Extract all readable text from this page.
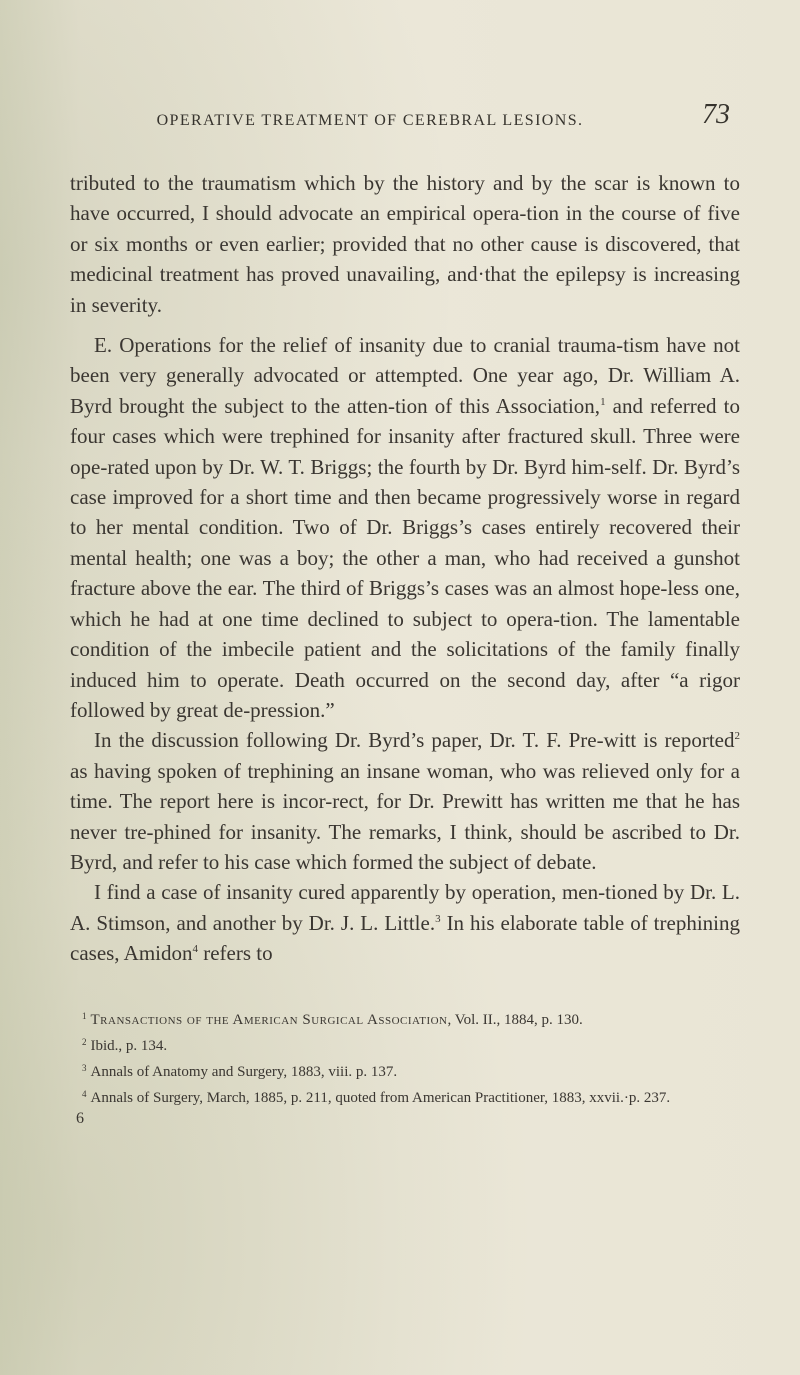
OPERATIVE TREATMENT OF CEREBRAL LESIONS.	73

tributed to the traumatism which by the history and by the scar is known to have occurred, I should advocate an empirical opera-tion in the course of five or six months or even earlier; provided that no other cause is discovered, that medicinal treatment has proved unavailing, and·that the epilepsy is increasing in severity.

E. Operations for the relief of insanity due to cranial trauma-tism have not been very generally advocated or attempted. One year ago, Dr. William A. Byrd brought the subject to the atten-tion of this Association,$^1$ and referred to four cases which were trephined for insanity after fractured skull. Three were ope-rated upon by Dr. W. T. Briggs; the fourth by Dr. Byrd him-self. Dr. Byrd’s case improved for a short time and then became progressively worse in regard to her mental condition. Two of Dr. Briggs’s cases entirely recovered their mental health; one was a boy; the other a man, who had received a gunshot fracture above the ear. The third of Briggs’s cases was an almost hope-less one, which he had at one time declined to subject to opera-tion. The lamentable condition of the imbecile patient and the solicitations of the family finally induced him to operate. Death occurred on the second day, after “a rigor followed by great de-pression.”

In the discussion following Dr. Byrd’s paper, Dr. T. F. Pre-witt is reported$^2$ as having spoken of trephining an insane woman, who was relieved only for a time. The report here is incor-rect, for Dr. Prewitt has written me that he has never tre-phined for insanity. The remarks, I think, should be ascribed to Dr. Byrd, and refer to his case which formed the subject of debate.

I find a case of insanity cured apparently by operation, men-tioned by Dr. L. A. Stimson, and another by Dr. J. L. Little.$^3$ In his elaborate table of trephining cases, Amidon$^4$ refers to

$^1$ Transactions of the American Surgical Association, Vol. II., 1884, p. 130.

$^2$ Ibid., p. 134.

$^3$ Annals of Anatomy and Surgery, 1883, viii. p. 137.

$^4$ Annals of Surgery, March, 1885, p. 211, quoted from American Practitioner, 1883, xxvii.·p. 237.

6
